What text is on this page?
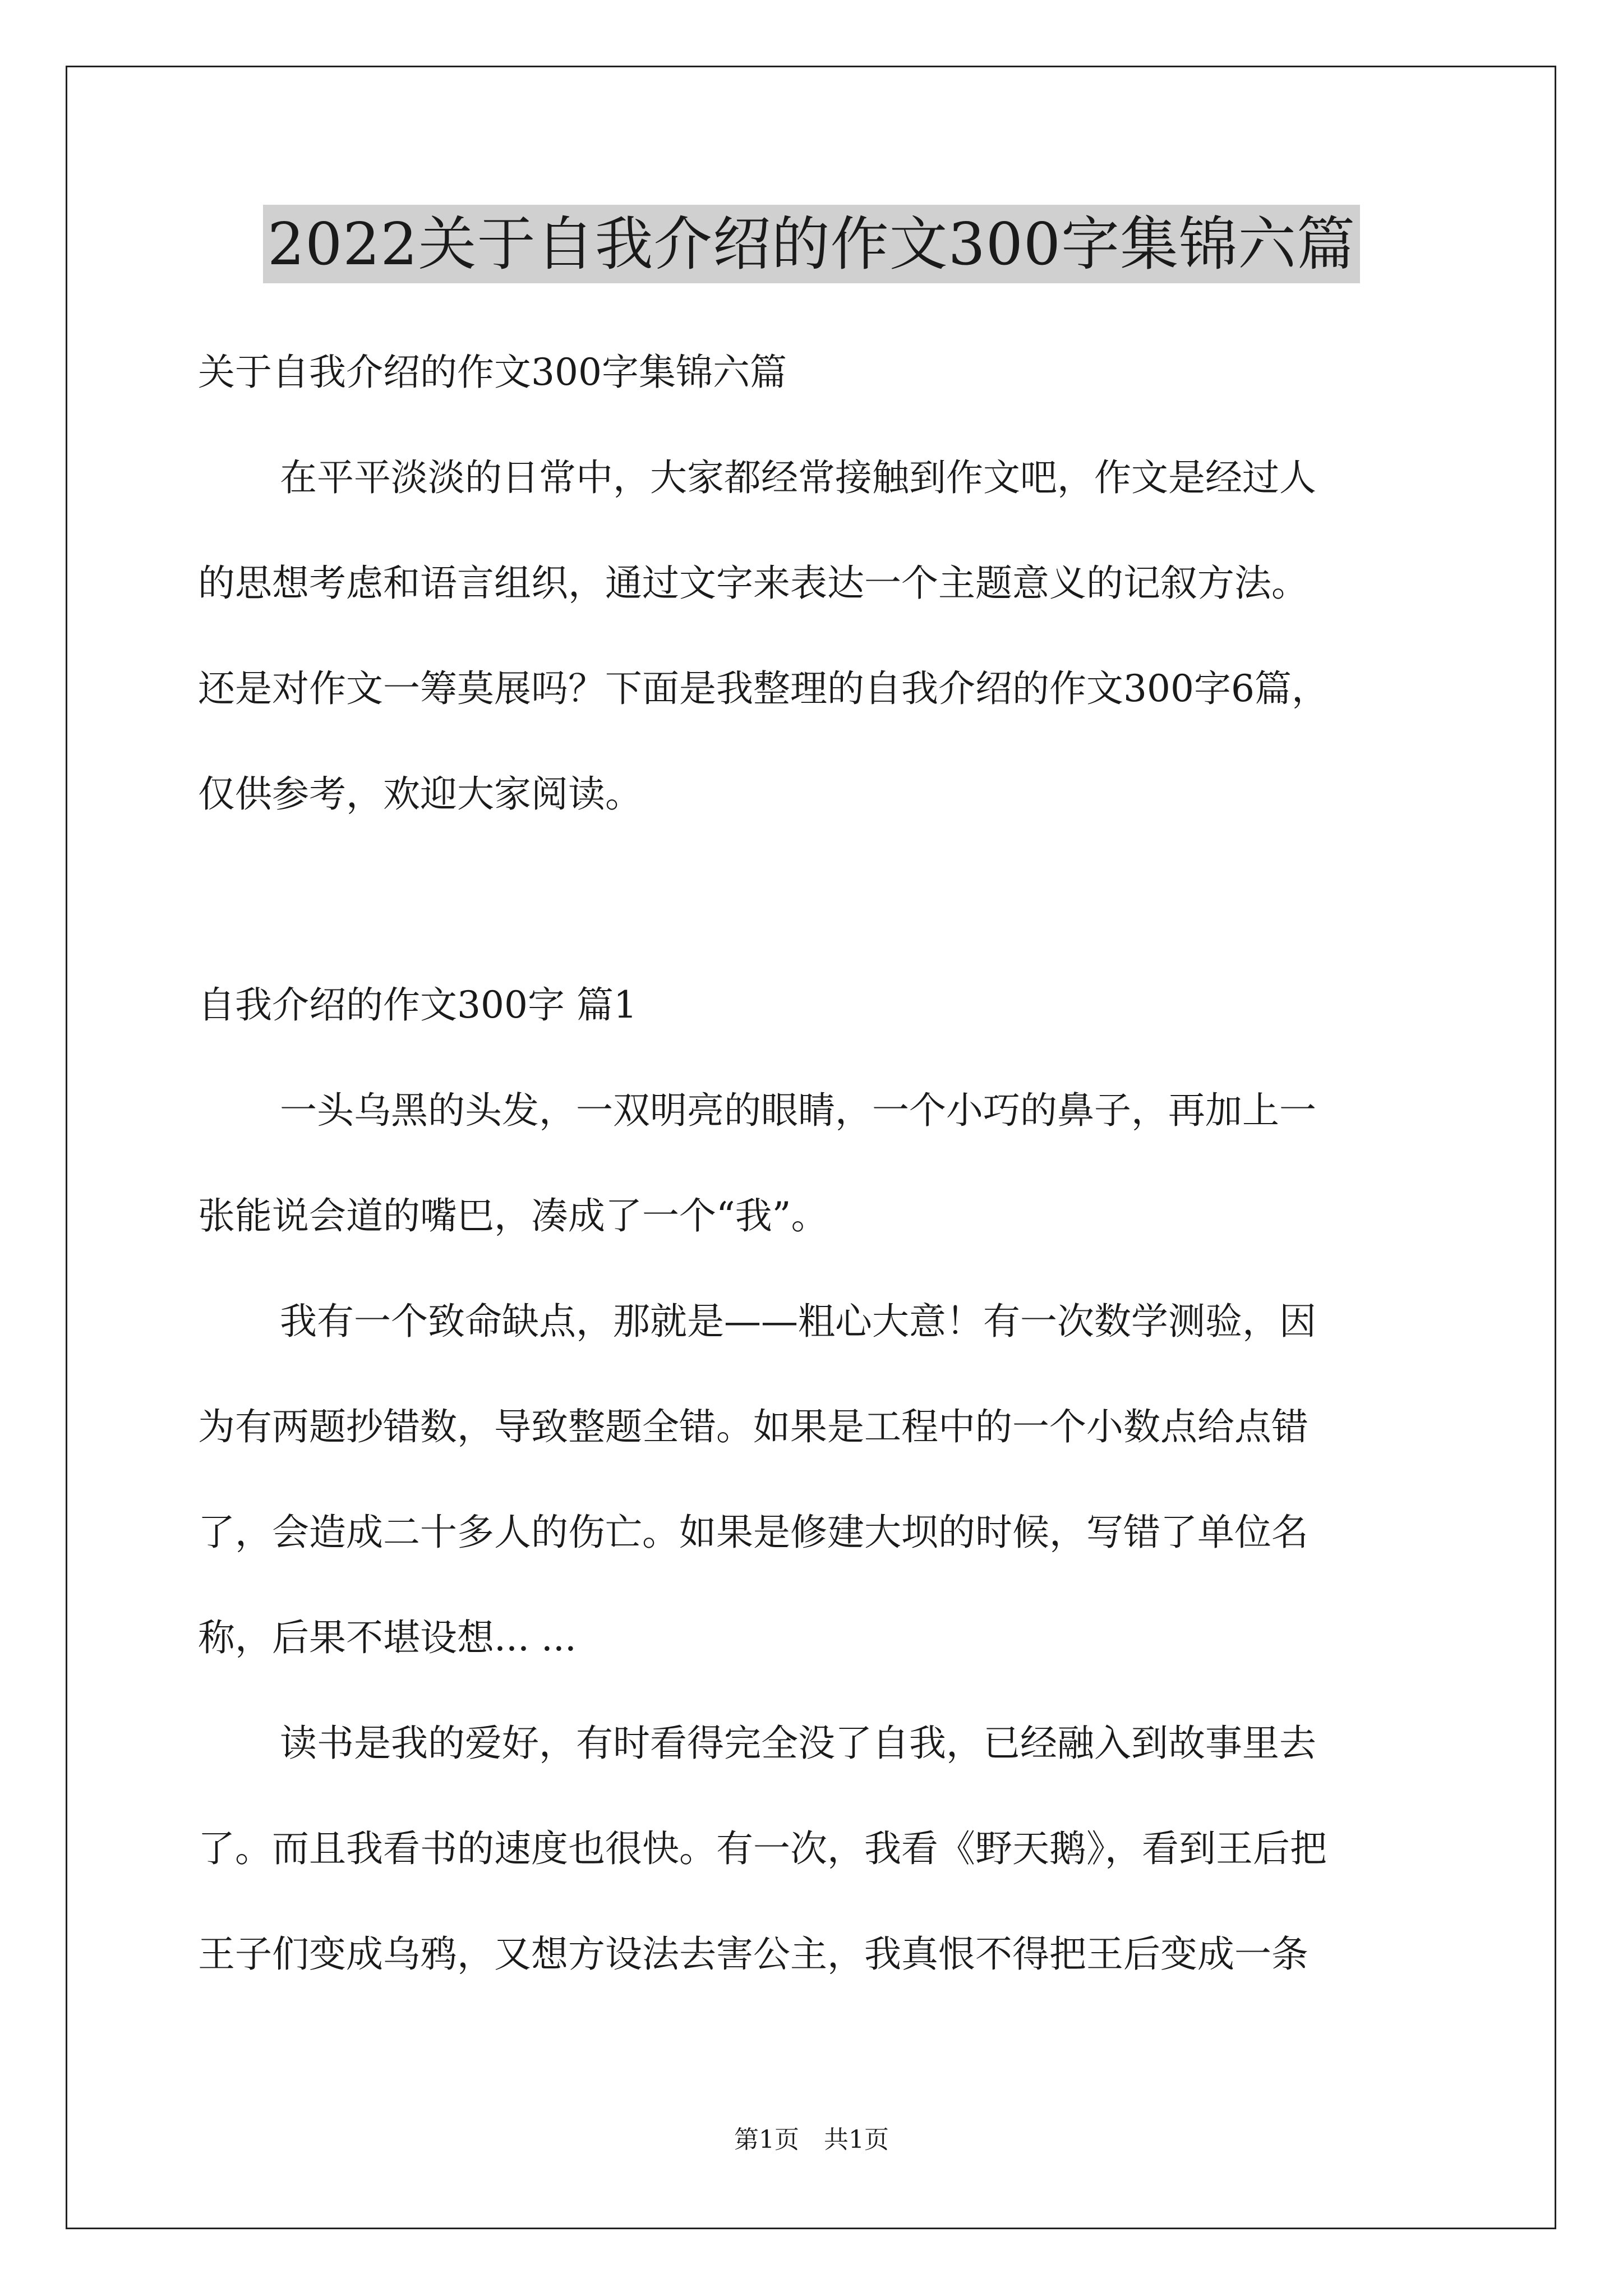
2022关于自我介绍的作文300字集锦六篇
关于自我介绍的作文300字集锦六篇
在平平淡淡的日常中，大家都经常接触到作文吧，作文是经过人
的思想考虑和语言组织，通过文字来表达一个主题意义的记叙方法。
还是对作文一筹莫展吗？下面是我整理的自我介绍的作文300字6篇，
仅供参考，欢迎大家阅读。
自我介绍的作文300字 篇1
一头乌黑的头发，一双明亮的眼睛，一个小巧的鼻子，再加上一
张能说会道的嘴巴，凑成了一个“我”。
我有一个致命缺点，那就是——粗心大意！有一次数学测验，因
为有两题抄错数，导致整题全错。如果是工程中的一个小数点给点错
了，会造成二十多人的伤亡。如果是修建大坝的时候，写错了单位名
称，后果不堪设想... ...
读书是我的爱好，有时看得完全没了自我，已经融入到故事里去
了。而且我看书的速度也很快。有一次，我看《野天鹅》，看到王后把
王子们变成乌鸦，又想方设法去害公主，我真恨不得把王后变成一条
第1页　共1页
